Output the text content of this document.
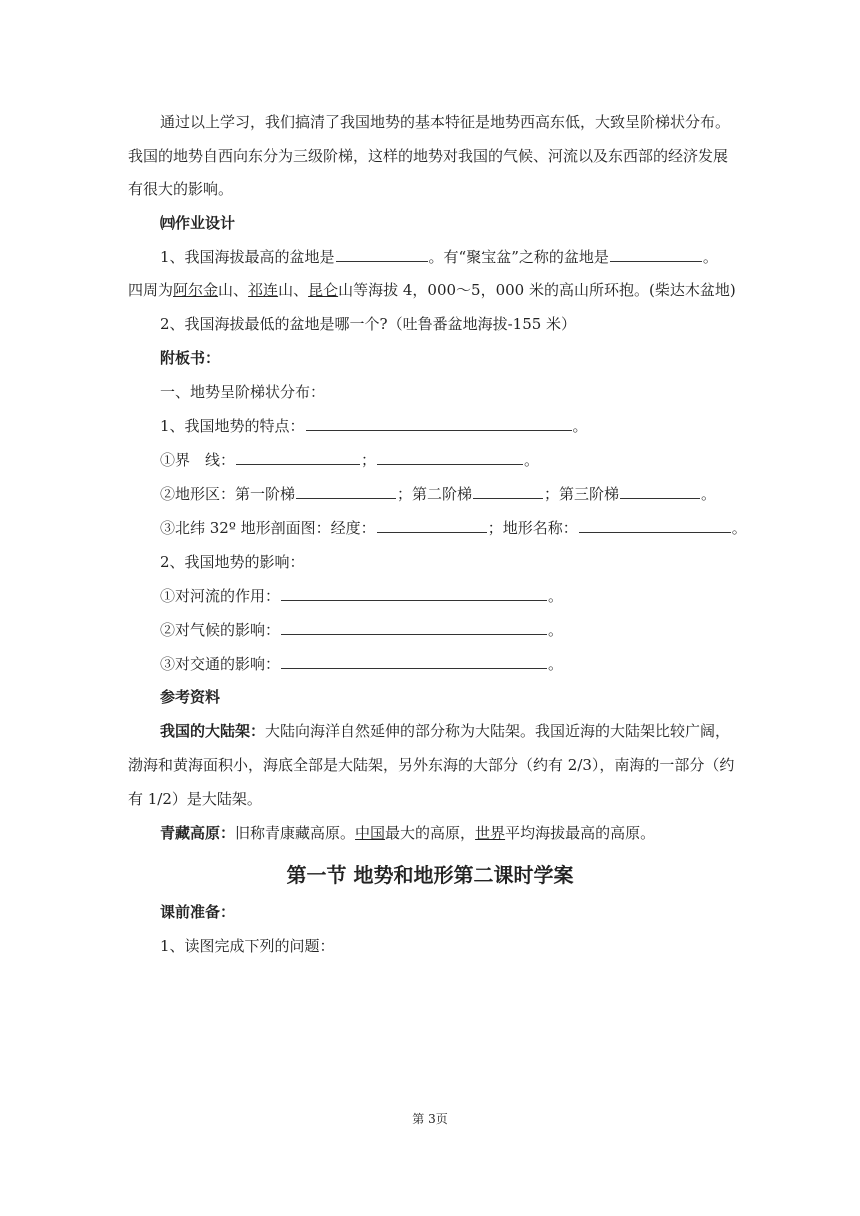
通过以上学习，我们搞清了我国地势的基本特征是地势西高东低，大致呈阶梯状分布。
我国的地势自西向东分为三级阶梯，这样的地势对我国的气候、河流以及东西部的经济发展
有很大的影响。
㈣作业设计
1、我国海拔最高的盆地是	。有“聚宝盆”之称的盆地是	。
四周为阿尔金山、祁连山、昆仑山等海拔 4，000～5，000 米的高山所环抱。(柴达木盆地)
2、我国海拔最低的盆地是哪一个?（吐鲁番盆地海拔-155 米）
附板书：
一、地势呈阶梯状分布：
1、我国地势的特点：	。
①界　线：	；	。
②地形区：第一阶梯	；第二阶梯	；第三阶梯	。
③北纬 32º 地形剖面图：经度：	；地形名称：	。
2、我国地势的影响：
①对河流的作用：	。
②对气候的影响：	。
③对交通的影响：	。
参考资料
我国的大陆架：大陆向海洋自然延伸的部分称为大陆架。我国近海的大陆架比较广阔，
渤海和黄海面积小，海底全部是大陆架，另外东海的大部分（约有 2/3），南海的一部分（约
有 1/2）是大陆架。
青藏高原：旧称青康藏高原。中国最大的高原，世界平均海拔最高的高原。
第一节 地势和地形第二课时学案
课前准备：
1、读图完成下列的问题：
第 3页
